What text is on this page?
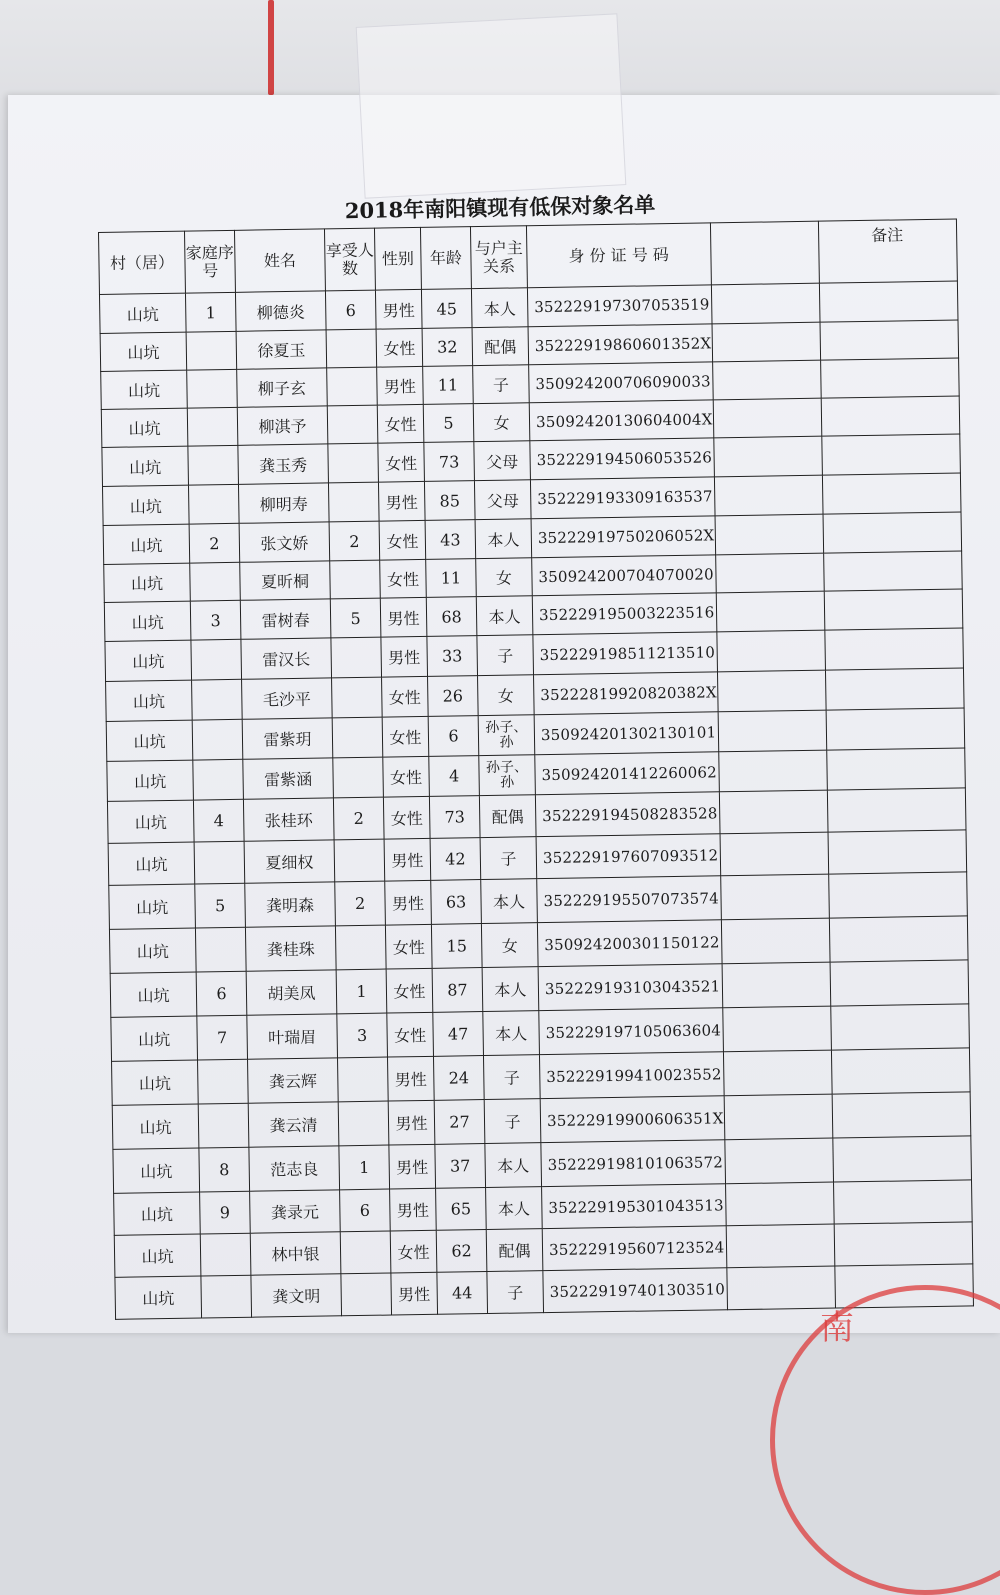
2018年南阳镇现有低保对象名单
村（居）	家庭序号	姓名	享受人数	性别	年龄	与户主关系	身 份 证 号 码		备注
山坑	1	柳德炎	6	男性	45	本人	352229197307053519		
山坑		徐夏玉		女性	32	配偶	35222919860601352X		
山坑		柳子玄		男性	11	子	350924200706090033		
山坑		柳淇予		女性	5	女	35092420130604004X		
山坑		龚玉秀		女性	73	父母	352229194506053526		
山坑		柳明寿		男性	85	父母	352229193309163537		
山坑	2	张文娇	2	女性	43	本人	35222919750206052X		
山坑		夏昕桐		女性	11	女	350924200704070020		
山坑	3	雷树春	5	男性	68	本人	352229195003223516		
山坑		雷汉长		男性	33	子	352229198511213510		
山坑		毛沙平		女性	26	女	35222819920820382X		
山坑		雷紫玥		女性	6	孙子、孙	350924201302130101		
山坑		雷紫涵		女性	4	孙子、孙	350924201412260062		
山坑	4	张桂环	2	女性	73	配偶	352229194508283528		
山坑		夏细权		男性	42	子	352229197607093512		
山坑	5	龚明森	2	男性	63	本人	352229195507073574		
山坑		龚桂珠		女性	15	女	350924200301150122		
山坑	6	胡美凤	1	女性	87	本人	352229193103043521		
山坑	7	叶瑞眉	3	女性	47	本人	352229197105063604		
山坑		龚云辉		男性	24	子	352229199410023552		
山坑		龚云清		男性	27	子	35222919900606351X		
山坑	8	范志良	1	男性	37	本人	352229198101063572		
山坑	9	龚录元	6	男性	65	本人	352229195301043513		
山坑		林中银		女性	62	配偶	352229195607123524		
山坑		龚文明		男性	44	子	352229197401303510		
南
